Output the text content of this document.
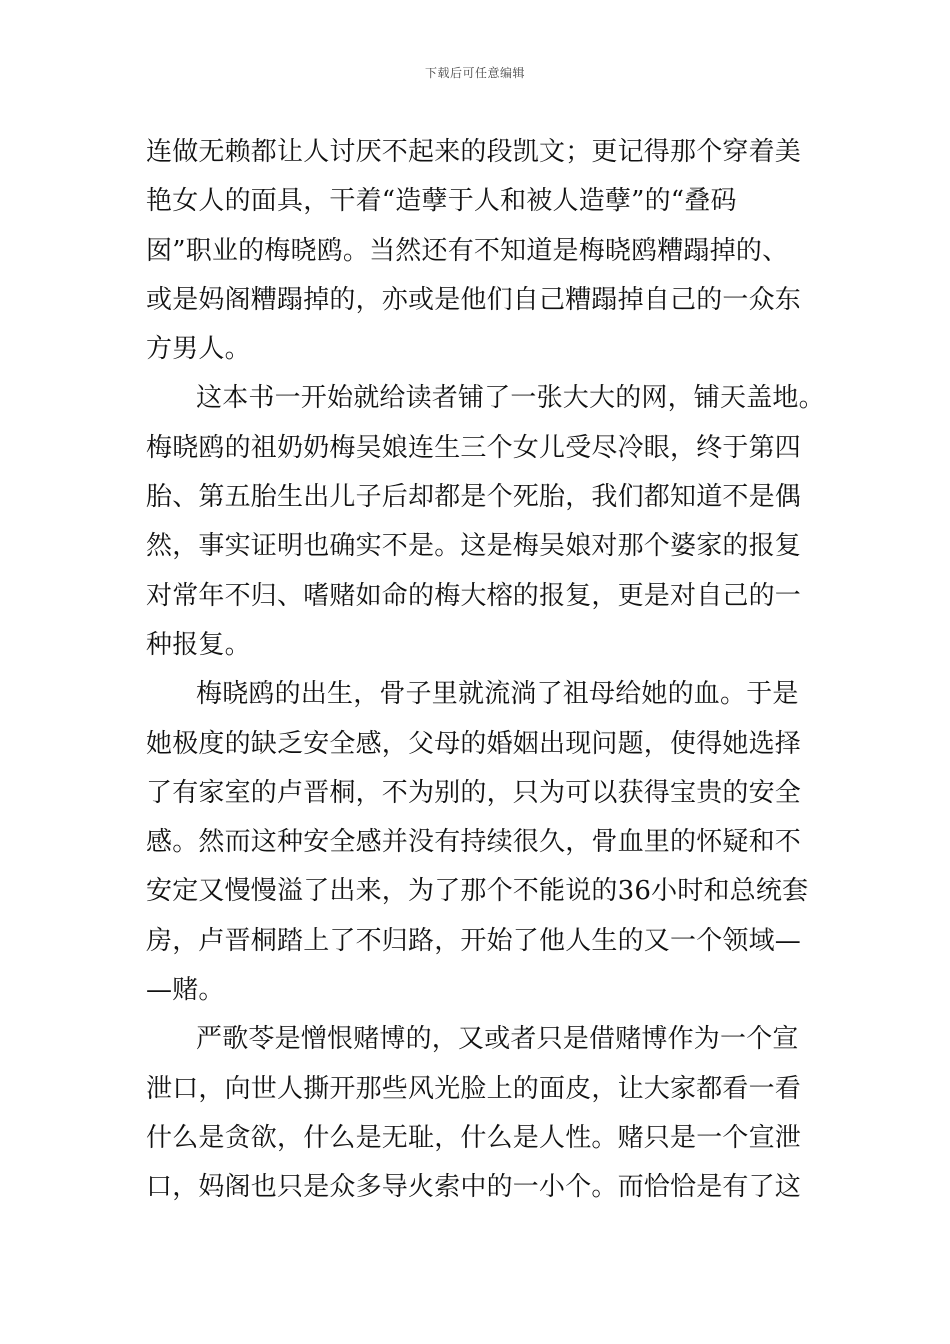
下载后可任意编辑
连做无赖都让人讨厌不起来的段凯文；更记得那个穿着美
艳女人的面具，干着“造孽于人和被人造孽”的“叠码
囡”职业的梅晓鸥。当然还有不知道是梅晓鸥糟蹋掉的、
或是妈阁糟蹋掉的，亦或是他们自己糟蹋掉自己的一众东
方男人。
这本书一开始就给读者铺了一张大大的网，铺天盖地。
梅晓鸥的祖奶奶梅吴娘连生三个女儿受尽冷眼，终于第四
胎、第五胎生出儿子后却都是个死胎，我们都知道不是偶
然，事实证明也确实不是。这是梅吴娘对那个婆家的报复
对常年不归、嗜赌如命的梅大榕的报复，更是对自己的一
种报复。
梅晓鸥的出生，骨子里就流淌了祖母给她的血。于是
她极度的缺乏安全感，父母的婚姻出现问题，使得她选择
了有家室的卢晋桐，不为别的，只为可以获得宝贵的安全
感。然而这种安全感并没有持续很久，骨血里的怀疑和不
安定又慢慢溢了出来，为了那个不能说的36小时和总统套
房，卢晋桐踏上了不归路，开始了他人生的又一个领域—
—赌。
严歌苓是憎恨赌博的，又或者只是借赌博作为一个宣
泄口，向世人撕开那些风光脸上的面皮，让大家都看一看
什么是贪欲，什么是无耻，什么是人性。赌只是一个宣泄
口，妈阁也只是众多导火索中的一小个。而恰恰是有了这
